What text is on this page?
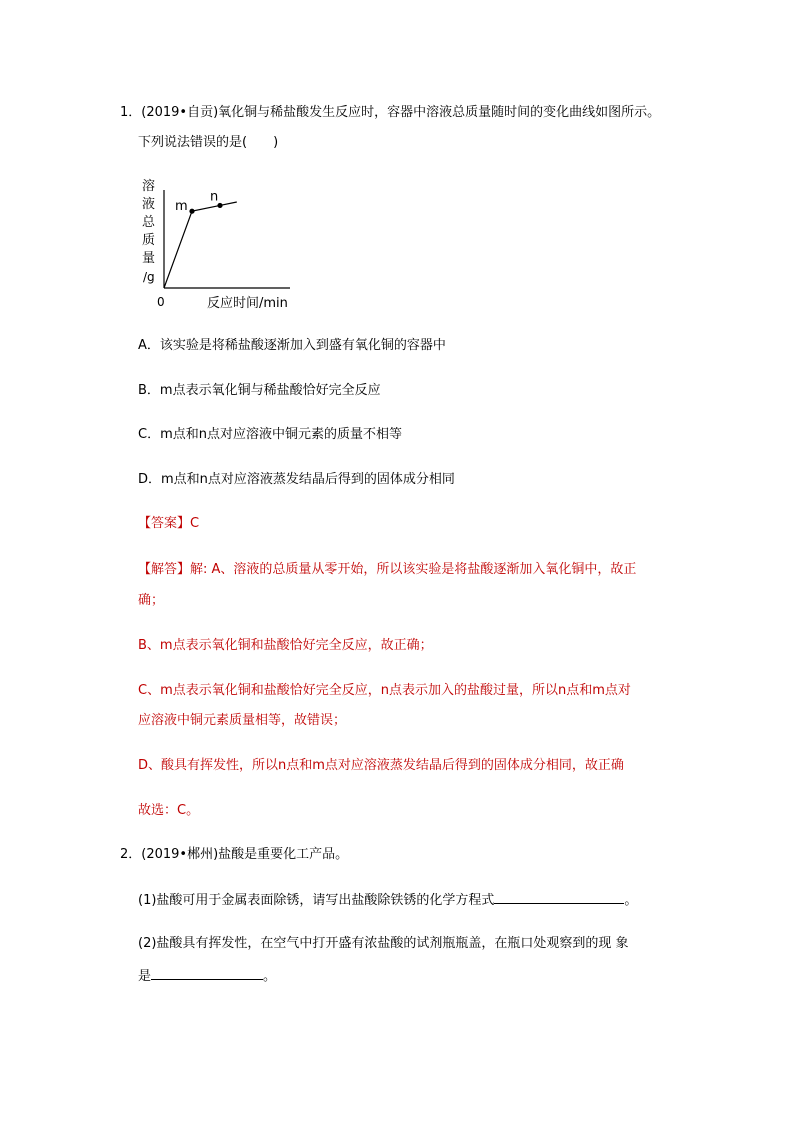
1．(2019•自贡)氧化铜与稀盐酸发生反应时，容器中溶液总质量随时间的变化曲线如图所示。
下列说法错误的是(　　)
溶
液
总
质
量
/g
m
n
0	反应时间/min
A．该实验是将稀盐酸逐渐加入到盛有氧化铜的容器中
B．m点表示氧化铜与稀盐酸恰好完全反应
C．m点和n点对应溶液中铜元素的质量不相等
D．m点和n点对应溶液蒸发结晶后得到的固体成分相同
【答案】C
【解答】解: A、溶液的总质量从零开始，所以该实验是将盐酸逐渐加入氧化铜中，故正
确；
B、m点表示氧化铜和盐酸恰好完全反应，故正确；
C、m点表示氧化铜和盐酸恰好完全反应，n点表示加入的盐酸过量，所以n点和m点对
应溶液中铜元素质量相等，故错误；
D、酸具有挥发性，所以n点和m点对应溶液蒸发结晶后得到的固体成分相同，故正确
故选：C。
2．(2019•郴州)盐酸是重要化工产品。
(1)盐酸可用于金属表面除锈，请写出盐酸除铁锈的化学方程式	。
(2)盐酸具有挥发性，在空气中打开盛有浓盐酸的试剂瓶瓶盖，在瓶口处观察到的现 象
是	。
